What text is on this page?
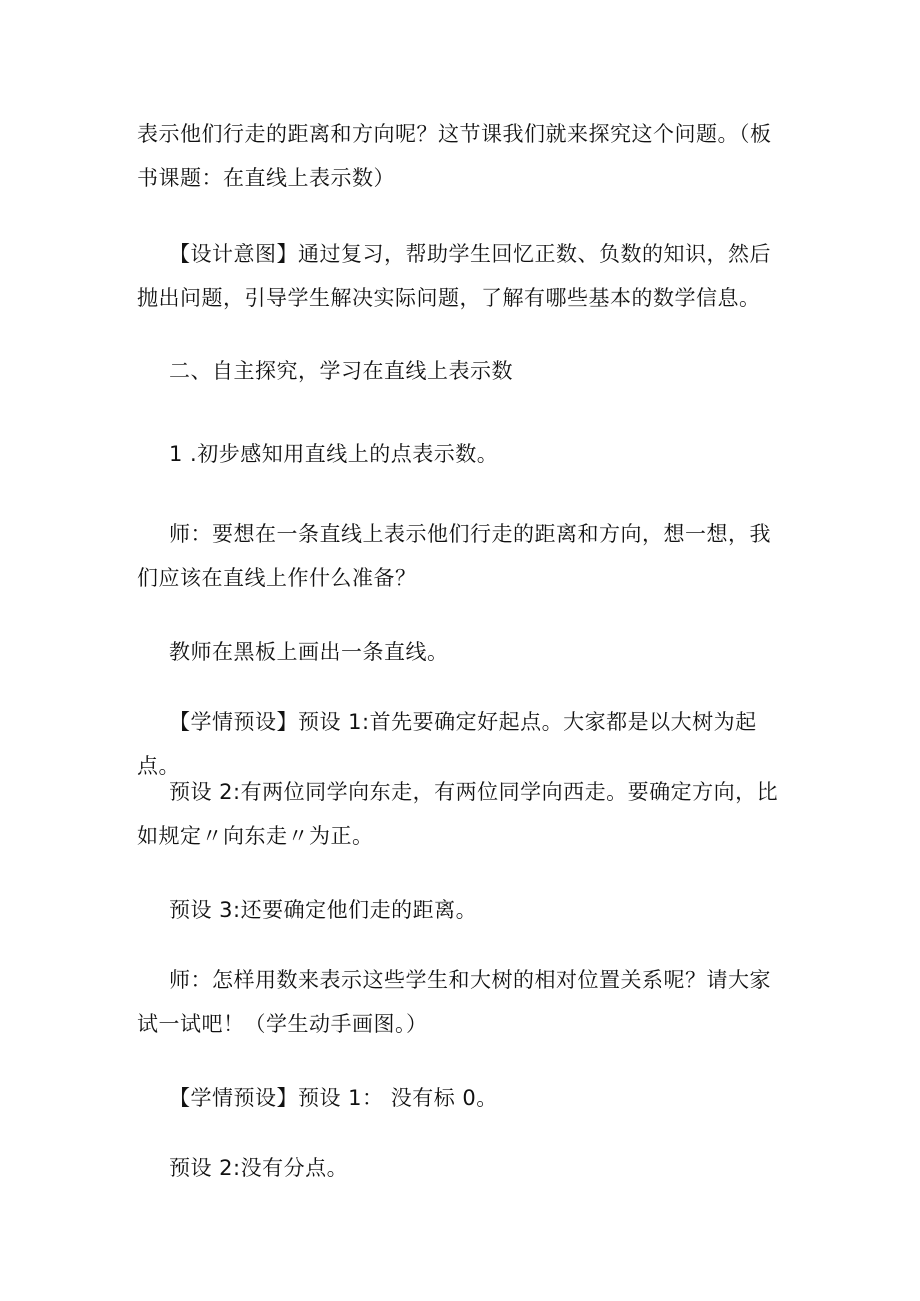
表示他们行走的距离和方向呢？这节课我们就来探究这个问题。（板书课题：在直线上表示数）

【设计意图】通过复习，帮助学生回忆正数、负数的知识，然后抛出问题，引导学生解决实际问题，了解有哪些基本的数学信息。

二、自主探究，学习在直线上表示数

1 .初步感知用直线上的点表示数。

师：要想在一条直线上表示他们行走的距离和方向，想一想，我们应该在直线上作什么准备？

教师在黑板上画出一条直线。

【学情预设】预设 1:首先要确定好起点。大家都是以大树为起点。

预设 2:有两位同学向东走，有两位同学向西走。要确定方向，比如规定〃向东走〃为正。

预设 3:还要确定他们走的距离。

师：怎样用数来表示这些学生和大树的相对位置关系呢？请大家试一试吧！（学生动手画图。）

【学情预设】预设 1： 没有标 0。

预设 2:没有分点。
